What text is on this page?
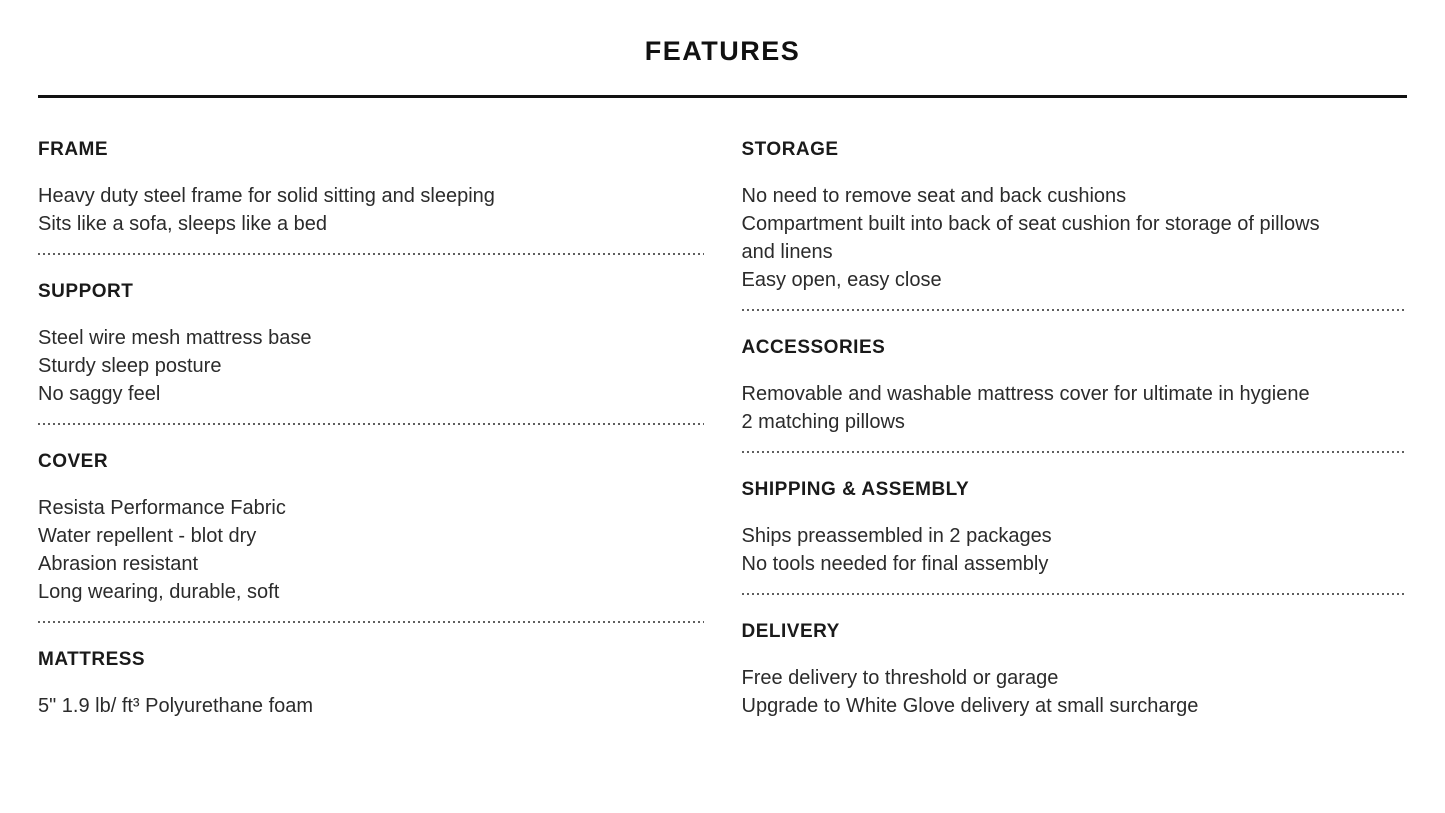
FEATURES
FRAME

Heavy duty steel frame for solid sitting and sleeping

Sits like a sofa, sleeps like a bed

SUPPORT

Steel wire mesh mattress base

Sturdy sleep posture

No saggy feel

COVER

Resista Performance Fabric

Water repellent - blot dry

Abrasion resistant

Long wearing, durable, soft

MATTRESS

5" 1.9 lb/ ft³ Polyurethane foam

STORAGE

No need to remove seat and back cushions

Compartment built into back of seat cushion for storage of pillows and linens

Easy open, easy close

ACCESSORIES

Removable and washable mattress cover for ultimate in hygiene

2 matching pillows

SHIPPING & ASSEMBLY

Ships preassembled in 2 packages

No tools needed for final assembly

DELIVERY

Free delivery to threshold or garage

Upgrade to White Glove delivery at small surcharge
